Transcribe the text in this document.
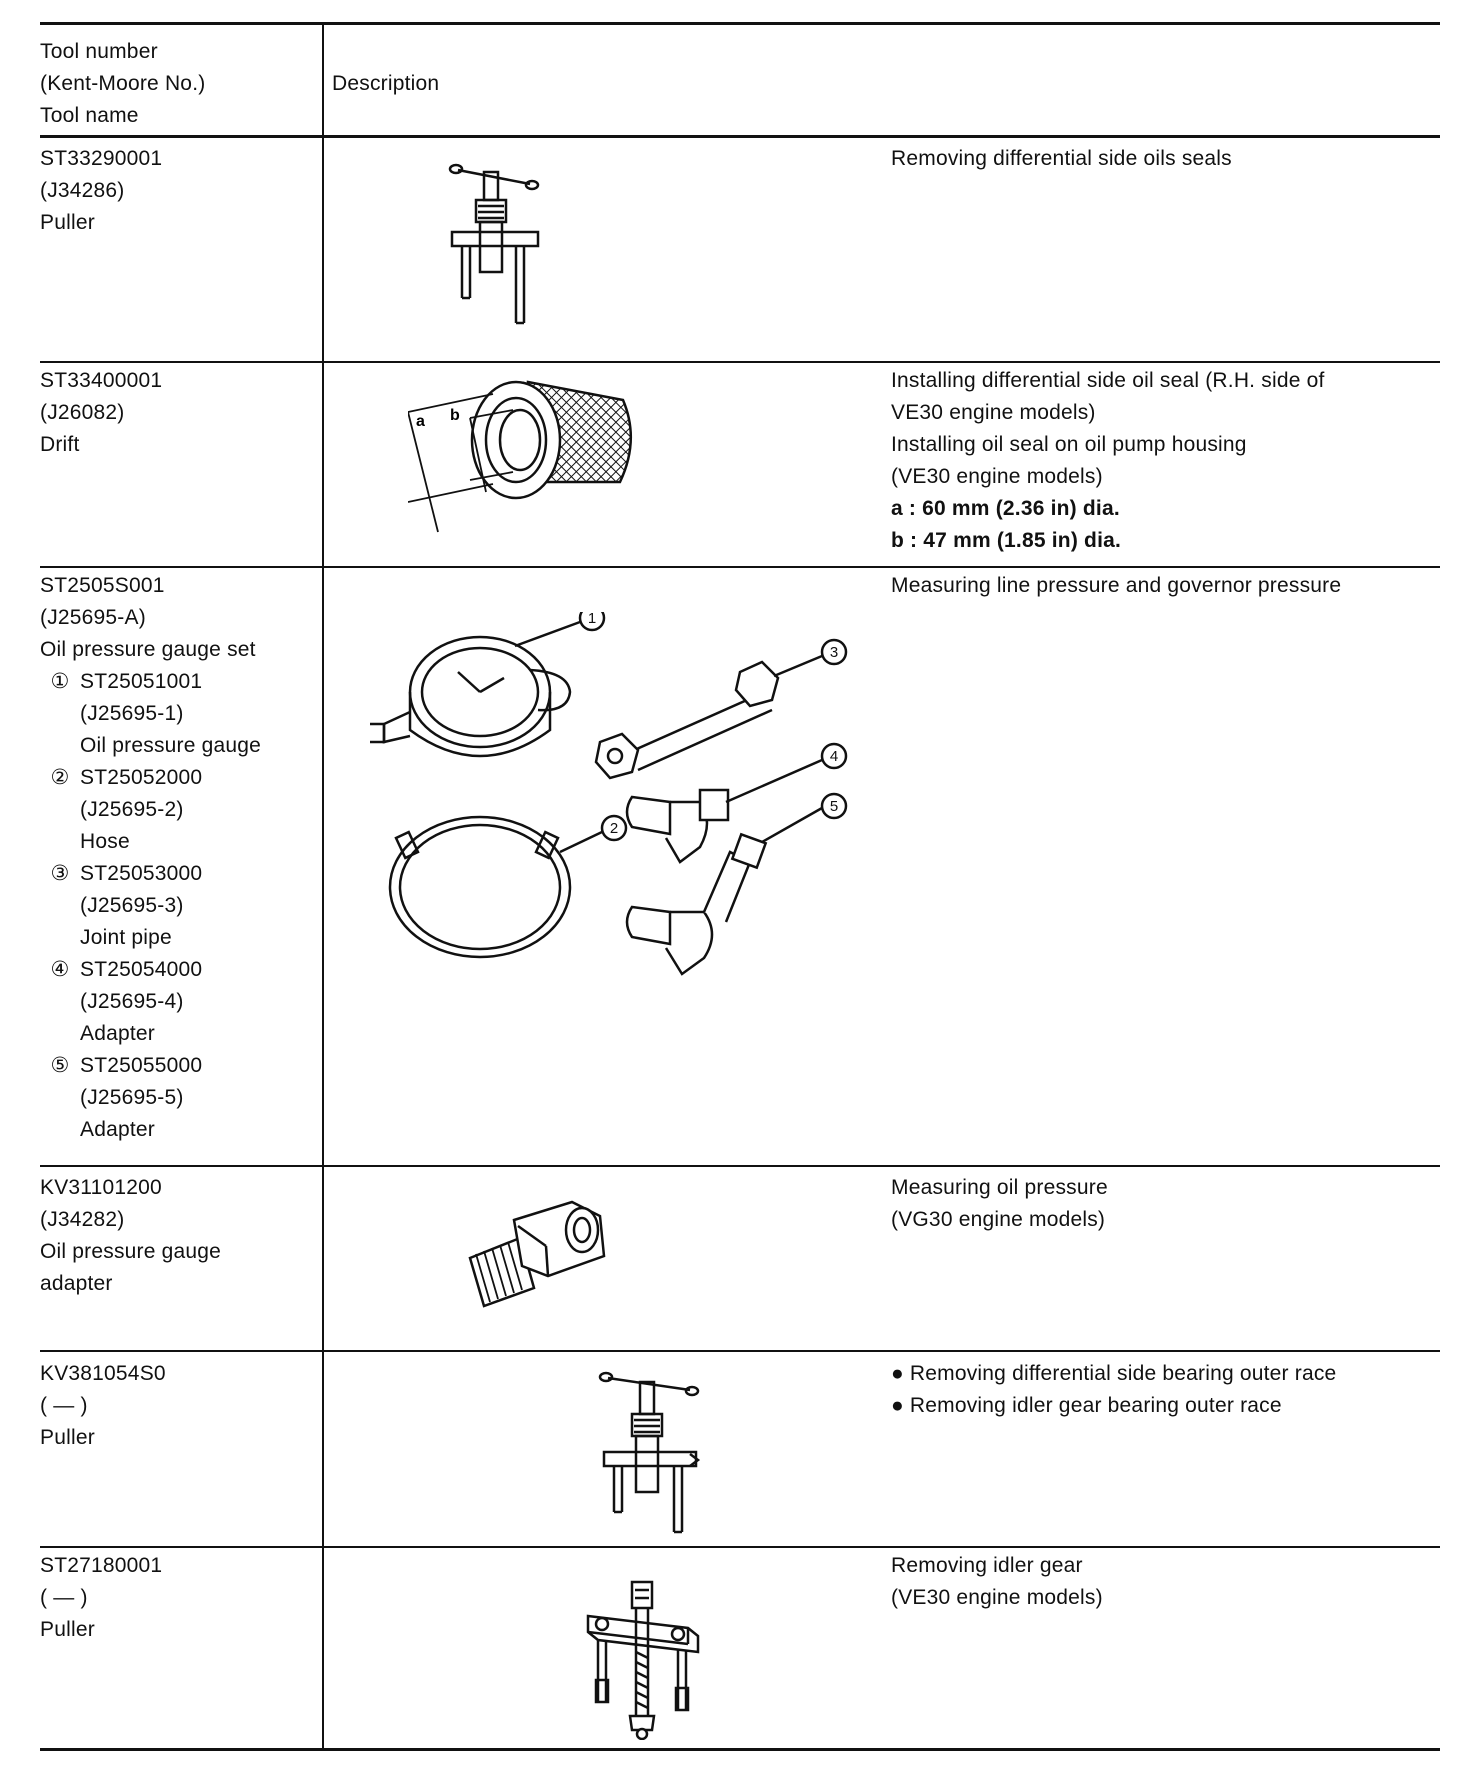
Tool number
(Kent-Moore No.)
Tool name
Description
ST33290001
(J34286)
Puller
Removing differential side oils seals
ST33400001
(J26082)
Drift
Installing differential side oil seal (R.H. side of
VE30 engine models)
Installing oil seal on oil pump housing
(VE30 engine models)
a : 60 mm (2.36 in) dia.
b : 47 mm (1.85 in) dia.
a b
ST2505S001
(J25695-A)
Oil pressure gauge set
① ST25051001
(J25695-1)
Oil pressure gauge
② ST25052000
(J25695-2)
Hose
③ ST25053000
(J25695-3)
Joint pipe
④ ST25054000
(J25695-4)
Adapter
⑤ ST25055000
(J25695-5)
Adapter
Measuring line pressure and governor pressure
1
2
3
4
5
KV31101200
(J34282)
Oil pressure gauge
adapter
Measuring oil pressure
(VG30 engine models)
KV381054S0
( — )
Puller
● Removing differential side bearing outer race
● Removing idler gear bearing outer race
ST27180001
( — )
Puller
Removing idler gear
(VE30 engine models)
